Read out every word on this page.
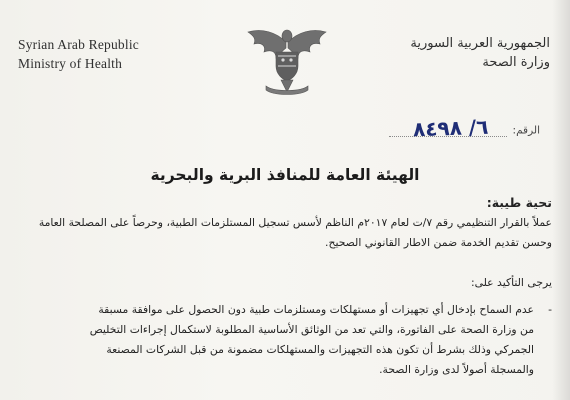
Syrian Arab Republic
Ministry of Health
الجمهورية العربية السورية
وزارة الصحة
الرقم:
٦/ ٨٤٩٨
الهيئة العامة للمنافذ البرية والبحرية
تحية طيبة:
عملاً بالقرار التنظيمي رقم ٧/ت لعام ٢٠١٧م الناظم لأسس تسجيل المستلزمات الطبية، وحرصاً على المصلحة العامة
وحسن تقديم الخدمة ضمن الاطار القانوني الصحيح.
يرجى التأكيد على:
-
عدم السماح بإدخال أي تجهيزات أو مستهلكات ومستلزمات طبية دون الحصول على موافقة مسبقة
من وزارة الصحة على الفاتورة، والتي تعد من الوثائق الأساسية المطلوبة لاستكمال إجراءات التخليص
الجمركي وذلك بشرط أن تكون هذه التجهيزات والمستهلكات مضمونة من قبل الشركات المصنعة
والمسجلة أصولاً لدى وزارة الصحة.
